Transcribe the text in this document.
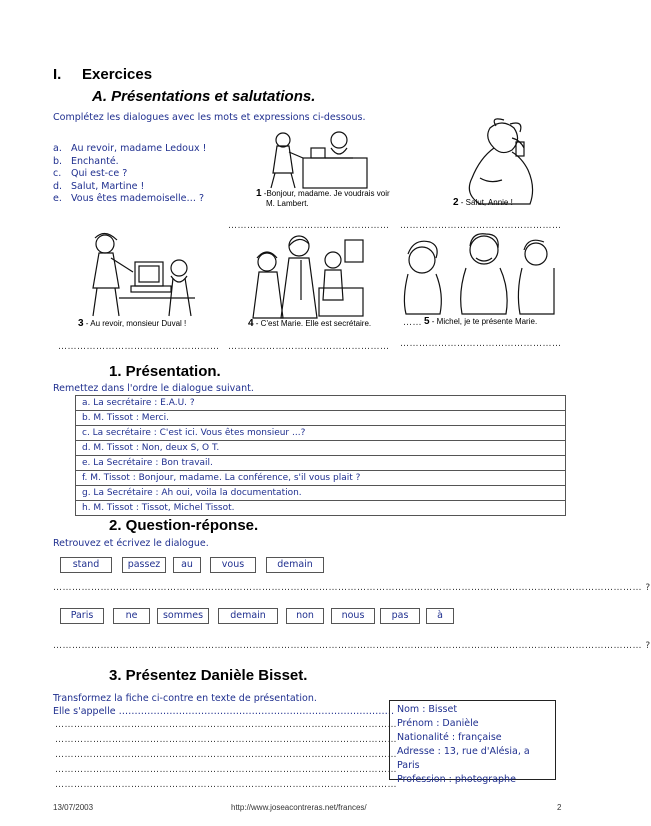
I. Exercices
A. Présentations et salutations.
Complétez les dialogues avec les mots et expressions ci-dessous.
a. Au revoir, madame Ledoux !
b. Enchanté.
c. Qui est-ce ?
d. Salut, Martine !
e. Vous êtes mademoiselle… ?	1 -Bonjour, madame. Je voudrais voir
M. Lambert.	2 - Salut, Annie !
…………………………………………… ……………………………………………
3 - Au revoir, monsieur Duval !	4 - C'est Marie. Elle est secrétaire.	…… 5 - Michel, je te présente Marie.
…………………………………………… …………………………………………… ……………………………………………
1. Présentation.
Remettez dans l'ordre le dialogue suivant.
	a. La secrétaire : E.A.U. ?
	b. M. Tissot : Merci.
	c. La secrétaire : C'est ici. Vous êtes monsieur ...?
	d. M. Tissot : Non, deux S, O T.
	e. La Secrétaire : Bon travail.
	f. M. Tissot : Bonjour, madame. La conférence, s'il vous plait ?
	g. La Secrétaire : Ah oui, voila la documentation.
	h. M. Tissot : Tissot, Michel Tissot.
2. Question-réponse.
Retrouvez et écrivez le dialogue.
stand	passez	au	vous	demain
…………………………………………………………………………………………………………………………………………………………………… ?
Paris	ne	sommes	demain	non	nous	pas	à
…………………………………………………………………………………………………………………………………………………………………… ?
3. Présentez Danièle Bisset.
Transformez la fiche ci-contre en texte de présentation.
Elle s'appelle ……………………………………………………………………………
………………………………………………………………………………………………
………………………………………………………………………………………………
………………………………………………………………………………………………
………………………………………………………………………………………………
………………………………………………………………………………………………
Nom : Bisset
Prénom : Danièle
Nationalité : française
Adresse : 13, rue d'Alésia, a Paris
Profession : photographe
13/07/2003	http://www.joseacontreras.net/frances/	2
